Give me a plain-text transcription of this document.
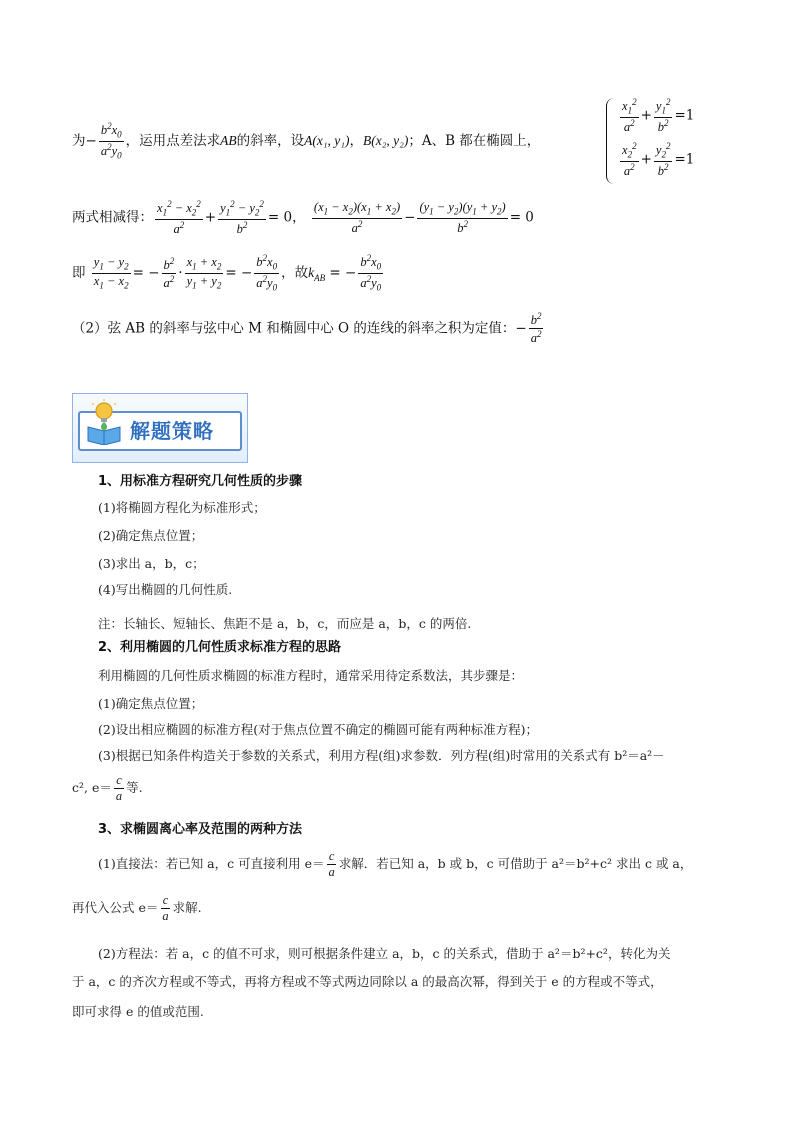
为− $\frac{b^2x_0}{a^2y_0}$ ，运用点差法求AB的斜率，设A(x₁, y₁)，B(x₂, y₂)；A、B 都在椭圆上，
$\frac{x_1^2}{a^2} + \frac{y_1^2}{b^2} =1$
$\frac{x_2^2}{a^2} + \frac{y_2^2}{b^2} =1$
两式相减得： $\frac{x_1^2 - x_2^2}{a^2} + \frac{y_1^2 - y_2^2}{b^2} = 0$， $\frac{(x_1 - x_2)(x_1 + x_2)}{a^2} - \frac{(y_1 - y_2)(y_1 + y_2)}{b^2} = 0$
即 $\frac{y_1 - y_2}{x_1 - x_2}$ = − $\frac{b^2}{a^2} \cdot \frac{x_1 + x_2}{y_1 + y_2}$ = − $\frac{b^2x_0}{a^2y_0}$ ，故$k_{AB}$ = − $\frac{b^2x_0}{a^2y_0}$
（2）弦 AB 的斜率与弦中心 M 和椭圆中心 O 的连线的斜率之积为定值：− $\frac{b^2}{a^2}$
解题策略
1、用标准方程研究几何性质的步骤
(1)将椭圆方程化为标准形式；
(2)确定焦点位置；
(3)求出 a，b，c；
(4)写出椭圆的几何性质.
注：长轴长、短轴长、焦距不是 a，b，c，而应是 a，b，c 的两倍.
2、利用椭圆的几何性质求标准方程的思路
利用椭圆的几何性质求椭圆的标准方程时，通常采用待定系数法，其步骤是：
(1)确定焦点位置；
(2)设出相应椭圆的标准方程(对于焦点位置不确定的椭圆可能有两种标准方程)；
(3)根据已知条件构造关于参数的关系式，利用方程(组)求参数．列方程(组)时常用的关系式有 b²＝a²－
c², $e= \frac{c}{a}$ 等.
3、求椭圆离心率及范围的两种方法
(1)直接法：若已知 a，c 可直接利用 $e= \frac{c}{a}$ 求解．若已知 a，b 或 b，c 可借助于 a²＝b²+c² 求出 c 或 a，
再代入公式 $e= \frac{c}{a}$ 求解.
(2)方程法：若 a，c 的值不可求，则可根据条件建立 a，b，c 的关系式，借助于 a²＝b²+c²，转化为关
于 a，c 的齐次方程或不等式，再将方程或不等式两边同除以 a 的最高次幂，得到关于 e 的方程或不等式，
即可求得 e 的值或范围.
